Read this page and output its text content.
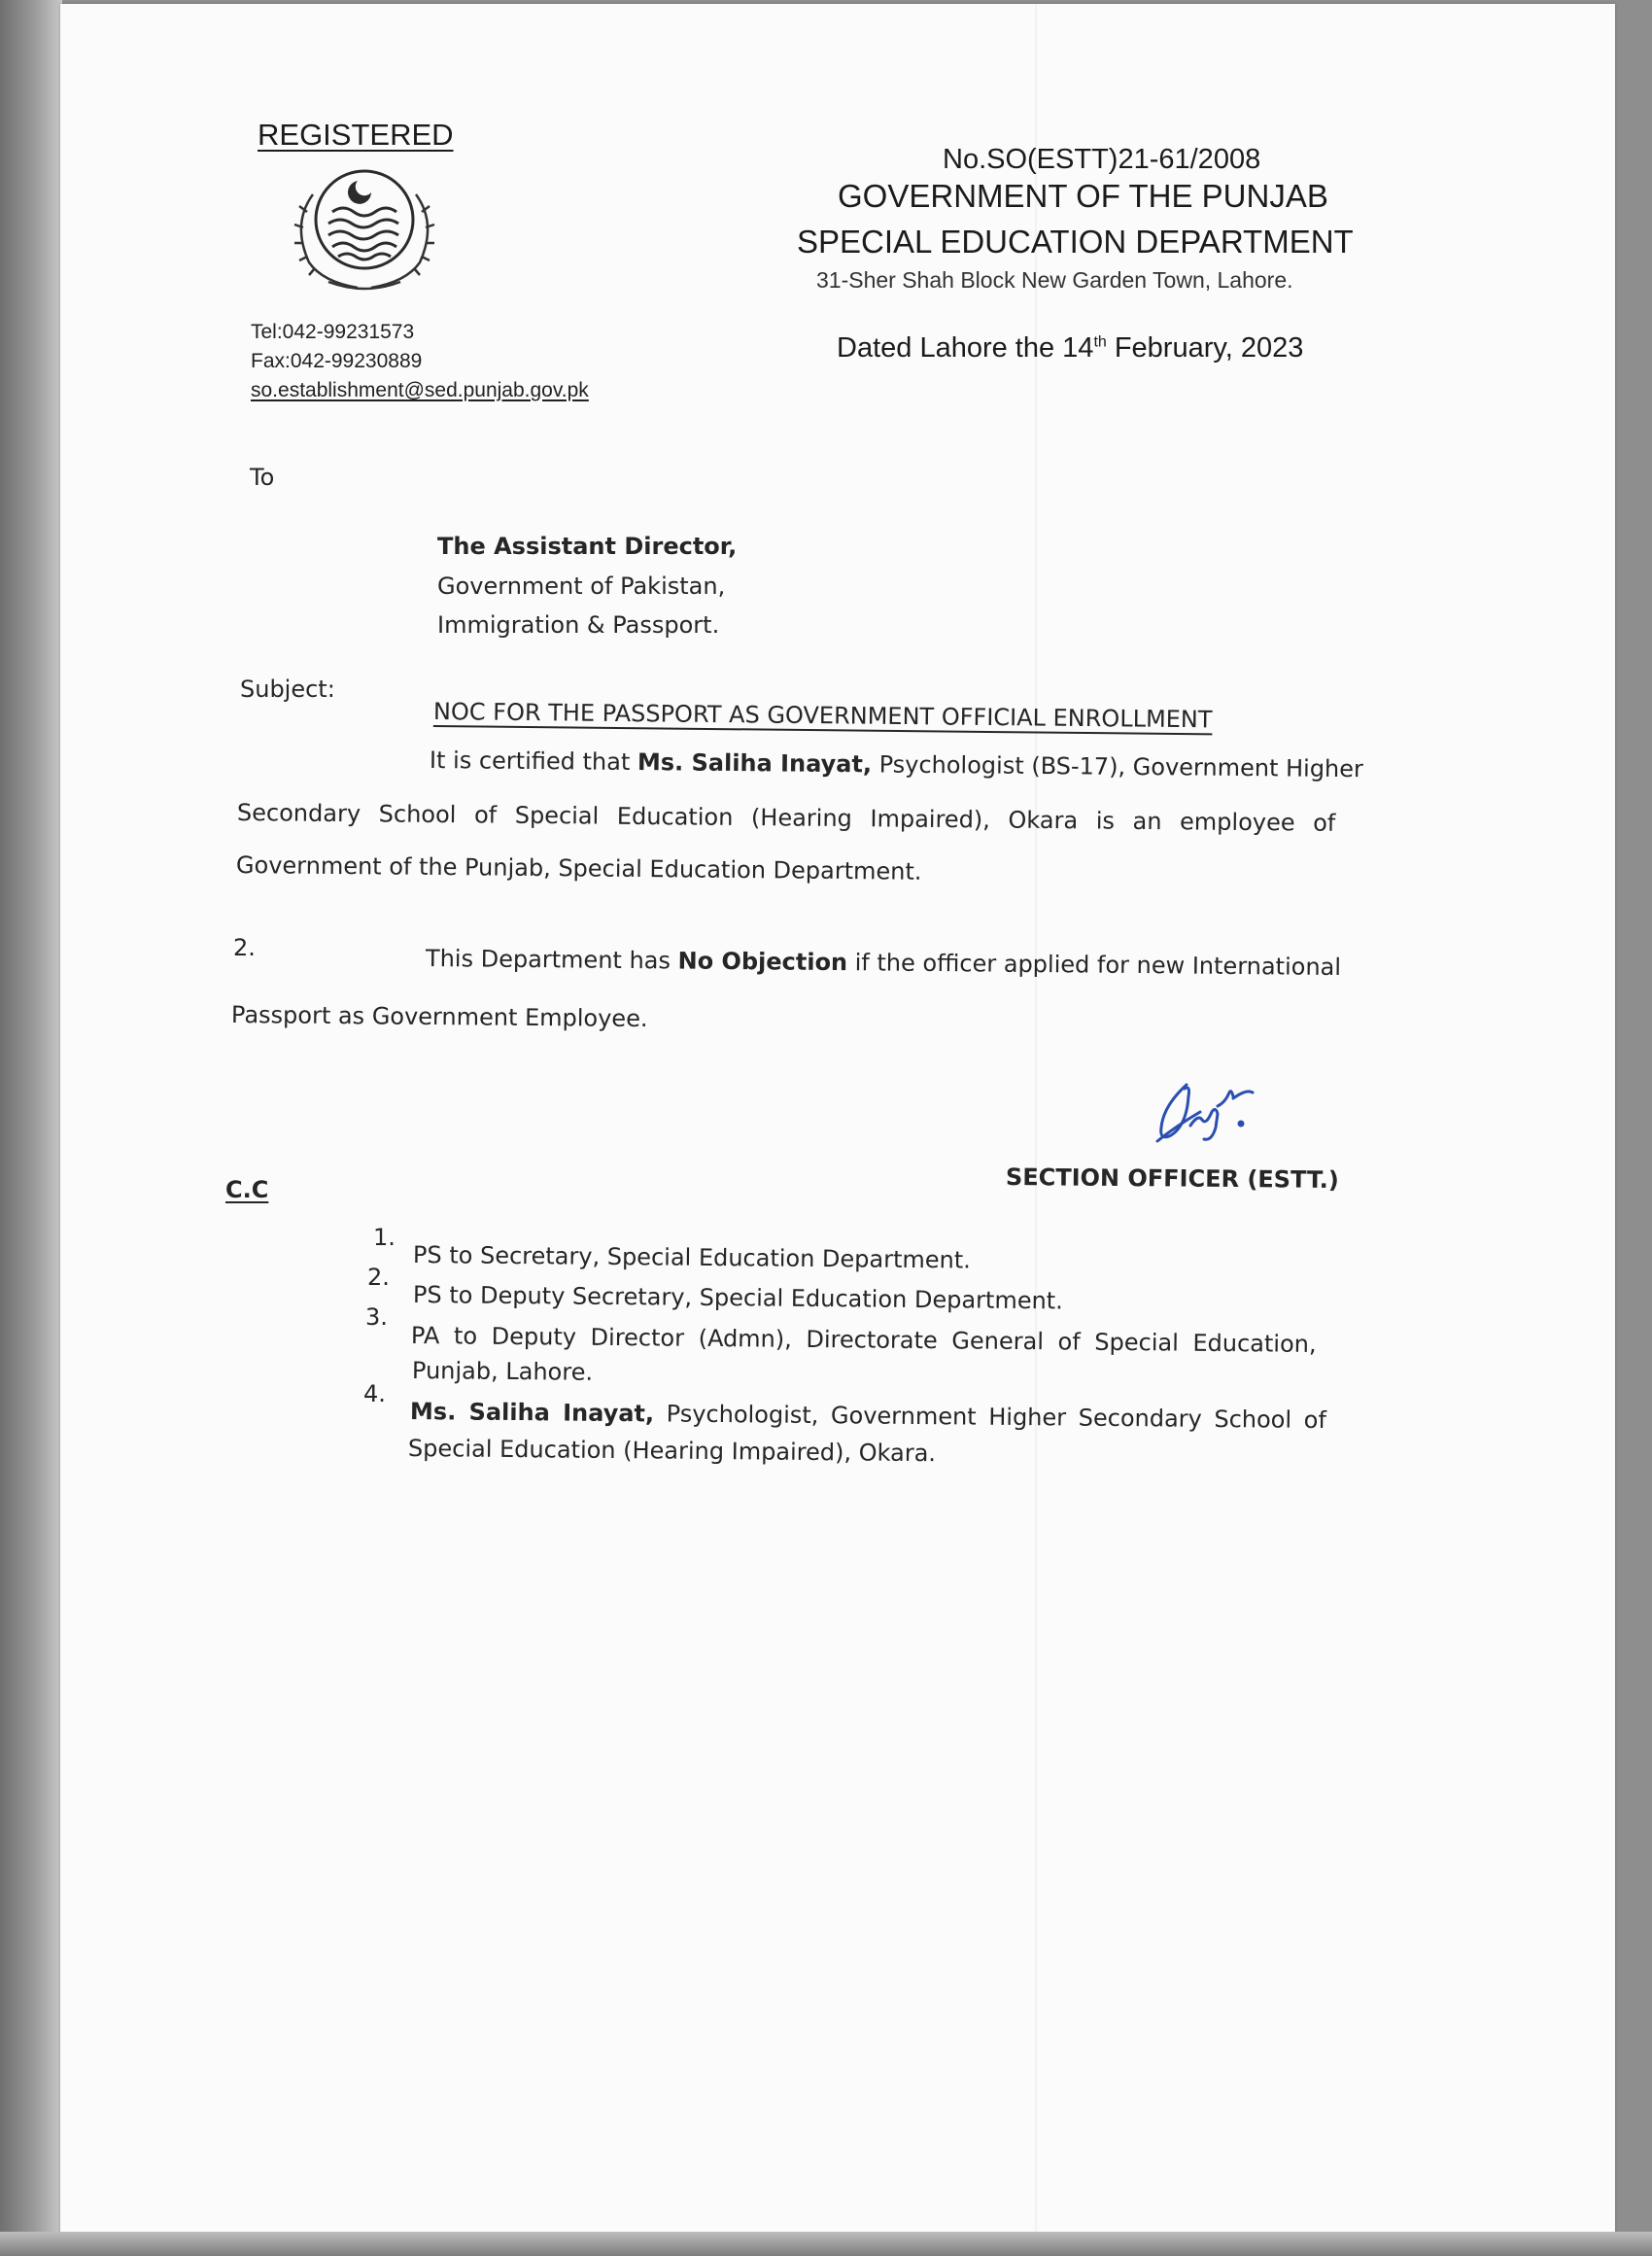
REGISTERED
Tel:042-99231573
Fax:042-99230889
so.establishment@sed.punjab.gov.pk
No.SO(ESTT)21-61/2008
GOVERNMENT OF THE PUNJAB
SPECIAL EDUCATION DEPARTMENT
31-Sher Shah Block New Garden Town, Lahore.
Dated Lahore the 14th February, 2023
To
The Assistant Director,
Government of Pakistan,
Immigration & Passport.
Subject:
NOC FOR THE PASSPORT AS GOVERNMENT OFFICIAL ENROLLMENT
It is certified that Ms. Saliha Inayat, Psychologist (BS-17), Government Higher
Secondary School of Special Education (Hearing Impaired), Okara is an employee of
Government of the Punjab, Special Education Department.
2.	This Department has No Objection if the officer applied for new International
Passport as Government Employee.
SECTION OFFICER (ESTT.)
C.C
1.
PS to Secretary, Special Education Department.
2.
PS to Deputy Secretary, Special Education Department.
3.
PA to Deputy Director (Admn), Directorate General of Special Education,
Punjab, Lahore.
4.
Ms. Saliha Inayat, Psychologist, Government Higher Secondary School of
Special Education (Hearing Impaired), Okara.
